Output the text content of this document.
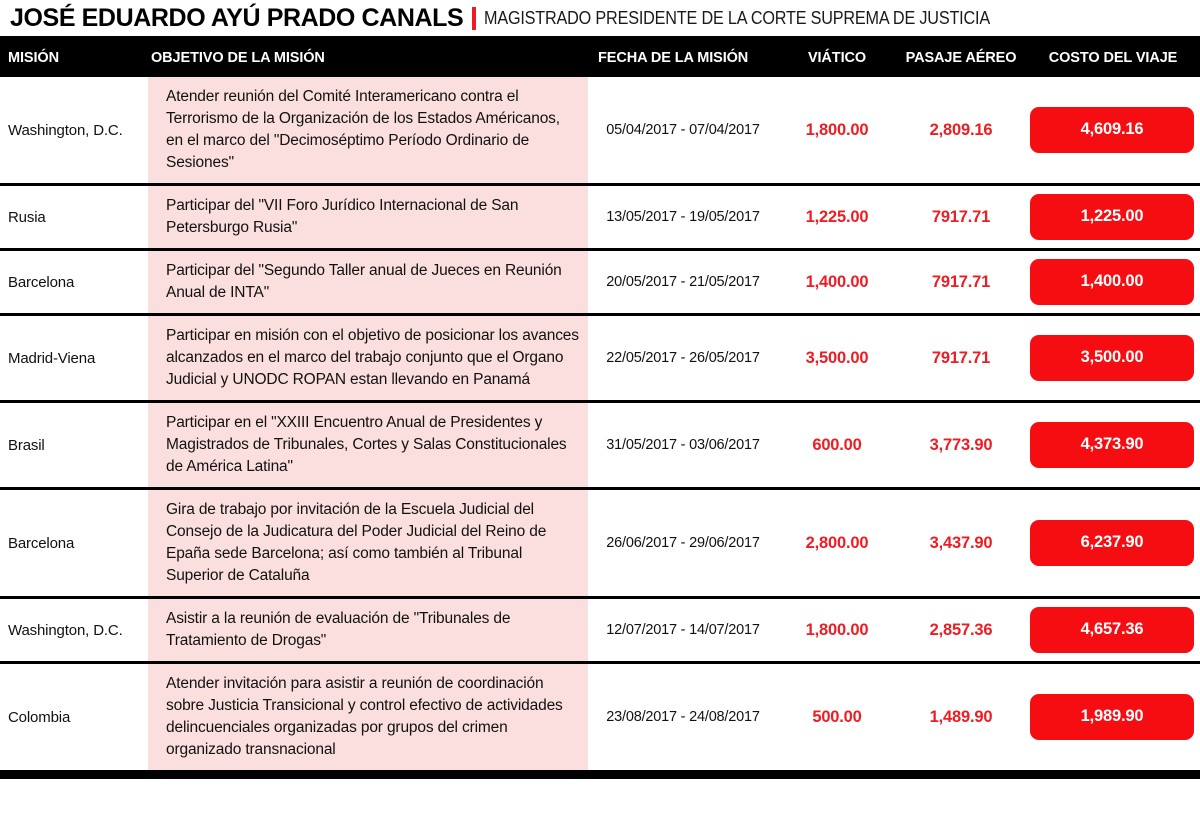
JOSÉ EDUARDO AYÚ PRADO CANALS MAGISTRADO PRESIDENTE DE LA CORTE SUPREMA DE JUSTICIA
MISIÓN	OBJETIVO DE LA MISIÓN	FECHA DE LA MISIÓN	VIÁTICO	PASAJE AÉREO	COSTO DEL VIAJE
Washington, D.C.	Atender reunión del Comité Interamericano contra el Terrorismo de la Organización de los Estados Américanos, en el marco del "Decimoséptimo Período Ordinario de Sesiones"	05/04/2017 - 07/04/2017	1,800.00	2,809.16	4,609.16

Rusia	Participar del "VII Foro Jurídico Internacional de San Petersburgo Rusia"	13/05/2017 - 19/05/2017	1,225.00	7917.71	1,225.00

Barcelona	Participar del "Segundo Taller anual de Jueces en Reunión Anual de INTA"	20/05/2017 - 21/05/2017	1,400.00	7917.71	1,400.00

Madrid-Viena	Participar en misión con el objetivo de posicionar los avances alcanzados en el marco del trabajo conjunto que el Organo Judicial y UNODC ROPAN estan llevando en Panamá	22/05/2017 - 26/05/2017	3,500.00	7917.71	3,500.00

Brasil	Participar en el "XXIII Encuentro Anual de Presidentes y Magistrados de Tribunales, Cortes y Salas Constitucionales de América Latina"	31/05/2017 - 03/06/2017	600.00	3,773.90	4,373.90

Barcelona	Gira de trabajo por invitación de la Escuela Judicial del Consejo de la Judicatura del Poder Judicial del Reino de Epaña sede Barcelona; así como también al Tribunal Superior de Cataluña	26/06/2017 - 29/06/2017	2,800.00	3,437.90	6,237.90

Washington, D.C.	Asistir a la reunión de evaluación de "Tribunales de Tratamiento de Drogas"	12/07/2017 - 14/07/2017	1,800.00	2,857.36	4,657.36

Colombia	Atender invitación para asistir a reunión de coordinación sobre Justicia Transicional y control efectivo de actividades delincuenciales organizadas por grupos del crimen organizado transnacional	23/08/2017 - 24/08/2017	500.00	1,489.90	1,989.90
